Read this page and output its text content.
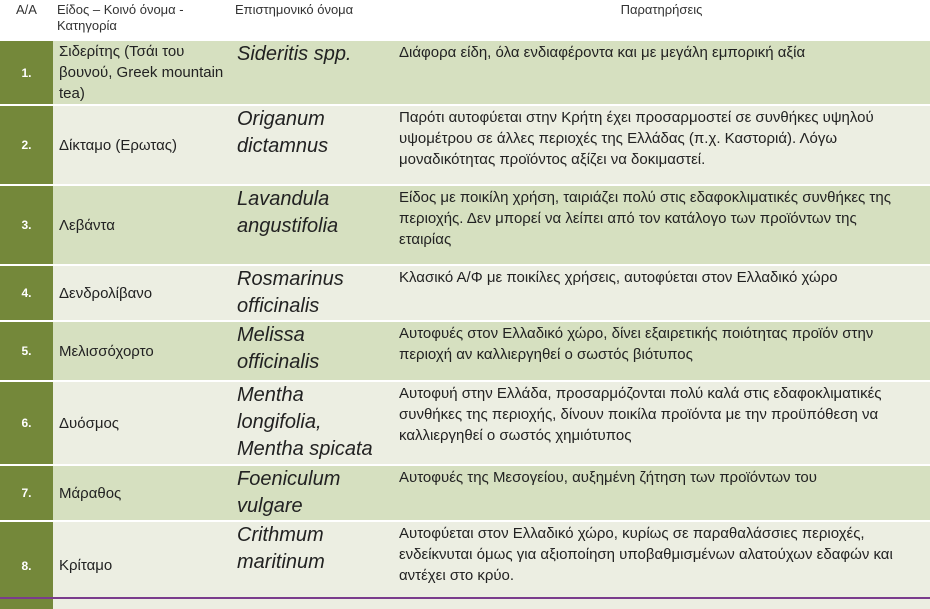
Α/Α	Είδος – Κοινό όνομα - Κατηγορία	Επιστημονικό όνομα	Παρατηρήσεις
1.	Σιδερίτης (Τσάι του βουνού, Greek mountain tea)	Sideritis spp.	Διάφορα είδη, όλα ενδιαφέροντα και με μεγάλη εμπορική αξία

2.	Δίκταμο (Ερωτας)	Origanum dictamnus	Παρότι αυτοφύεται στην Κρήτη έχει προσαρμοστεί σε συνθήκες υψηλού
υψομέτρου σε άλλες περιοχές της Ελλάδας (π.χ. Καστοριά). Λόγω
μοναδικότητας προϊόντος αξίζει να δοκιμαστεί.

3.	Λεβάντα	Lavandula angustifolia	Είδος με ποικίλη χρήση, ταιριάζει πολύ στις εδαφοκλιματικές συνθήκες της
περιοχής. Δεν μπορεί να λείπει από τον κατάλογο των προϊόντων της
εταιρίας

4.	Δενδρολίβανο	Rosmarinus officinalis	Κλασικό Α/Φ με ποικίλες χρήσεις, αυτοφύεται στον Ελλαδικό χώρο

5.	Μελισσόχορτο	Melissa officinalis	Αυτοφυές στον Ελλαδικό χώρο, δίνει εξαιρετικής ποιότητας προϊόν στην
περιοχή αν καλλιεργηθεί ο σωστός βιότυπος

6.	Δυόσμος	Mentha longifolia, Mentha spicata	Αυτοφυή στην Ελλάδα, προσαρμόζονται πολύ καλά στις εδαφοκλιματικές
συνθήκες της περιοχής, δίνουν ποικίλα προϊόντα με την προϋπόθεση να
καλλιεργηθεί ο σωστός χημιότυπος

7.	Μάραθος	Foeniculum vulgare	Αυτοφυές της Μεσογείου, αυξημένη ζήτηση των προϊόντων του

8.	Κρίταμο	Crithmum maritinum	Αυτοφύεται στον Ελλαδικό χώρο, κυρίως σε παραθαλάσσιες περιοχές,
ενδείκνυται όμως για αξιοποίηση υποβαθμισμένων αλατούχων εδαφών και
αντέχει στο κρύο.
